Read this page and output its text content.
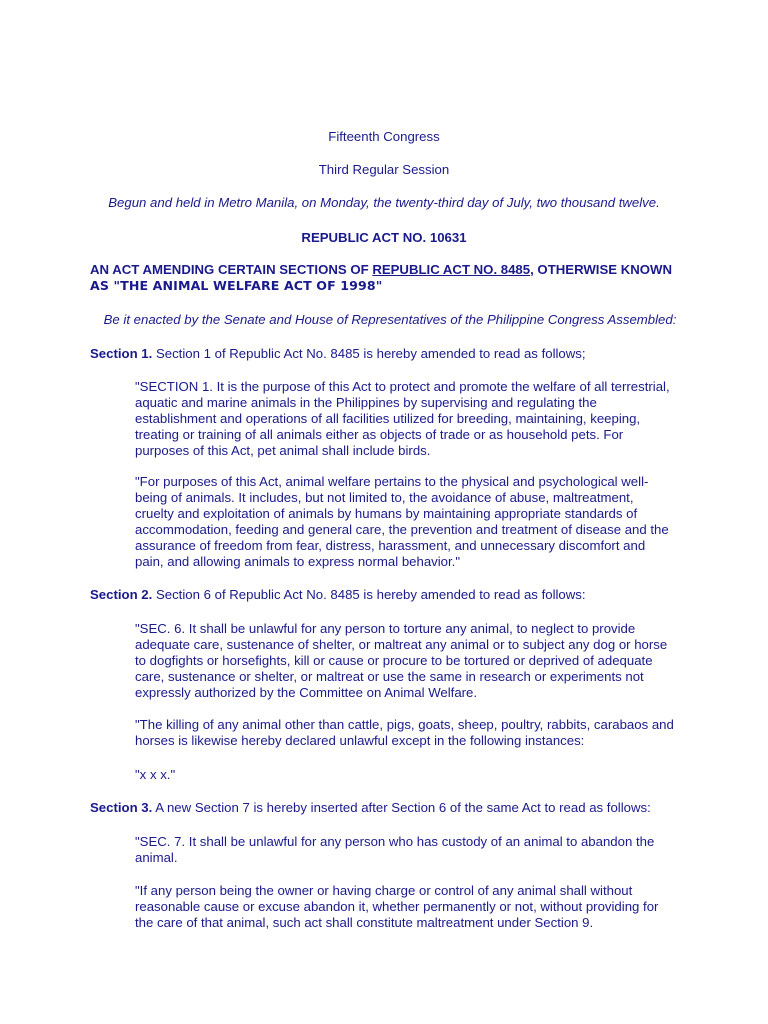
Fifteenth Congress
Third Regular Session
Begun and held in Metro Manila, on Monday, the twenty-third day of July, two thousand twelve.
REPUBLIC ACT NO. 10631
AN ACT AMENDING CERTAIN SECTIONS OF REPUBLIC ACT NO. 8485, OTHERWISE KNOWN
AS "THE ANIMAL WELFARE ACT OF 1998"
Be it enacted by the Senate and House of Representatives of the Philippine Congress Assembled:
Section 1. Section 1 of Republic Act No. 8485 is hereby amended to read as follows;
"SECTION 1. It is the purpose of this Act to protect and promote the welfare of all terrestrial, aquatic and marine animals in the Philippines by supervising and regulating the establishment and operations of all facilities utilized for breeding, maintaining, keeping, treating or training of all animals either as objects of trade or as household pets. For purposes of this Act, pet animal shall include birds.
"For purposes of this Act, animal welfare pertains to the physical and psychological well-being of animals. It includes, but not limited to, the avoidance of abuse, maltreatment, cruelty and exploitation of animals by humans by maintaining appropriate standards of accommodation, feeding and general care, the prevention and treatment of disease and the assurance of freedom from fear, distress, harassment, and unnecessary discomfort and pain, and allowing animals to express normal behavior."
Section 2. Section 6 of Republic Act No. 8485 is hereby amended to read as follows:
"SEC. 6. It shall be unlawful for any person to torture any animal, to neglect to provide adequate care, sustenance of shelter, or maltreat any animal or to subject any dog or horse to dogfights or horsefights, kill or cause or procure to be tortured or deprived of adequate care, sustenance or shelter, or maltreat or use the same in research or experiments not expressly authorized by the Committee on Animal Welfare.
"The killing of any animal other than cattle, pigs, goats, sheep, poultry, rabbits, carabaos and horses is likewise hereby declared unlawful except in the following instances:
"x x x."
Section 3. A new Section 7 is hereby inserted after Section 6 of the same Act to read as follows:
"SEC. 7. It shall be unlawful for any person who has custody of an animal to abandon the animal.
"If any person being the owner or having charge or control of any animal shall without reasonable cause or excuse abandon it, whether permanently or not, without providing for the care of that animal, such act shall constitute maltreatment under Section 9.
